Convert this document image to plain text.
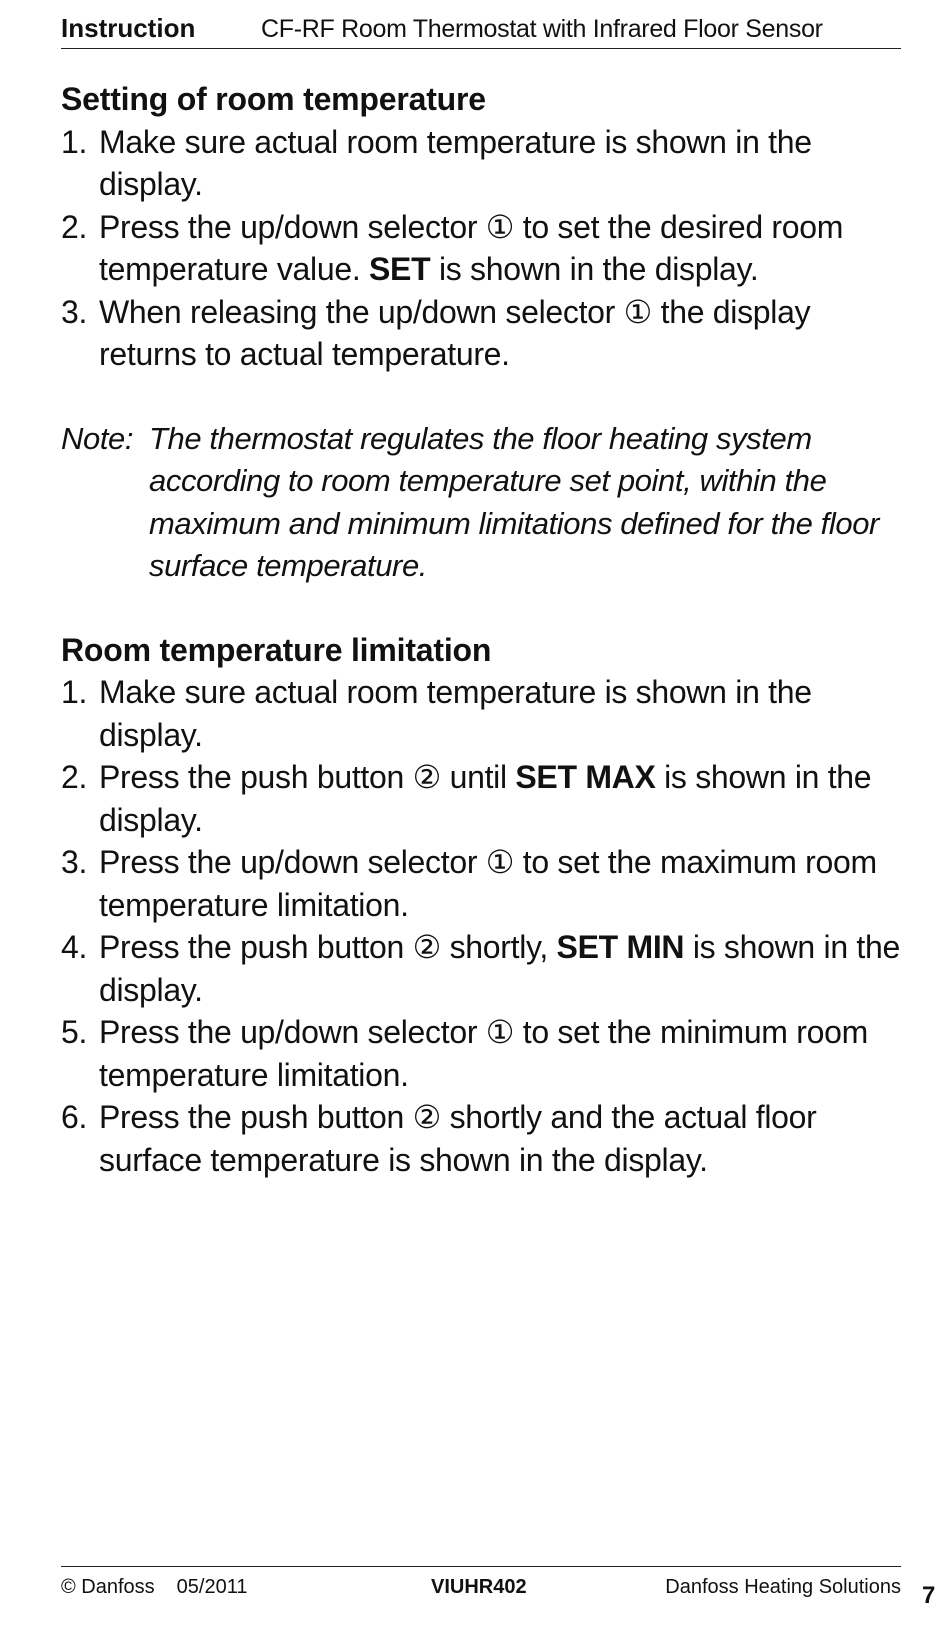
Instruction	CF-RF Room Thermostat with Infrared Floor Sensor
Setting of room temperature
1. Make sure actual room temperature is shown in the display.
2. Press the up/down selector ① to set the desired room temperature value. SET is shown in the display.
3. When releasing the up/down selector ① the display returns to actual temperature.
Note: The thermostat regulates the floor heating system according to room temperature set point, within the maximum and minimum limitations defined for the floor surface temperature.
Room temperature limitation
1. Make sure actual room temperature is shown in the display.
2. Press the push button ② until SET MAX is shown in the display.
3. Press the up/down selector ① to set the maximum room temperature limitation.
4. Press the push button ② shortly, SET MIN is shown in the display.
5. Press the up/down selector ① to set the minimum room temperature limitation.
6. Press the push button ② shortly and the actual floor surface temperature is shown in the display.
© Danfoss 05/2011	VIUHR402	Danfoss Heating Solutions 7
